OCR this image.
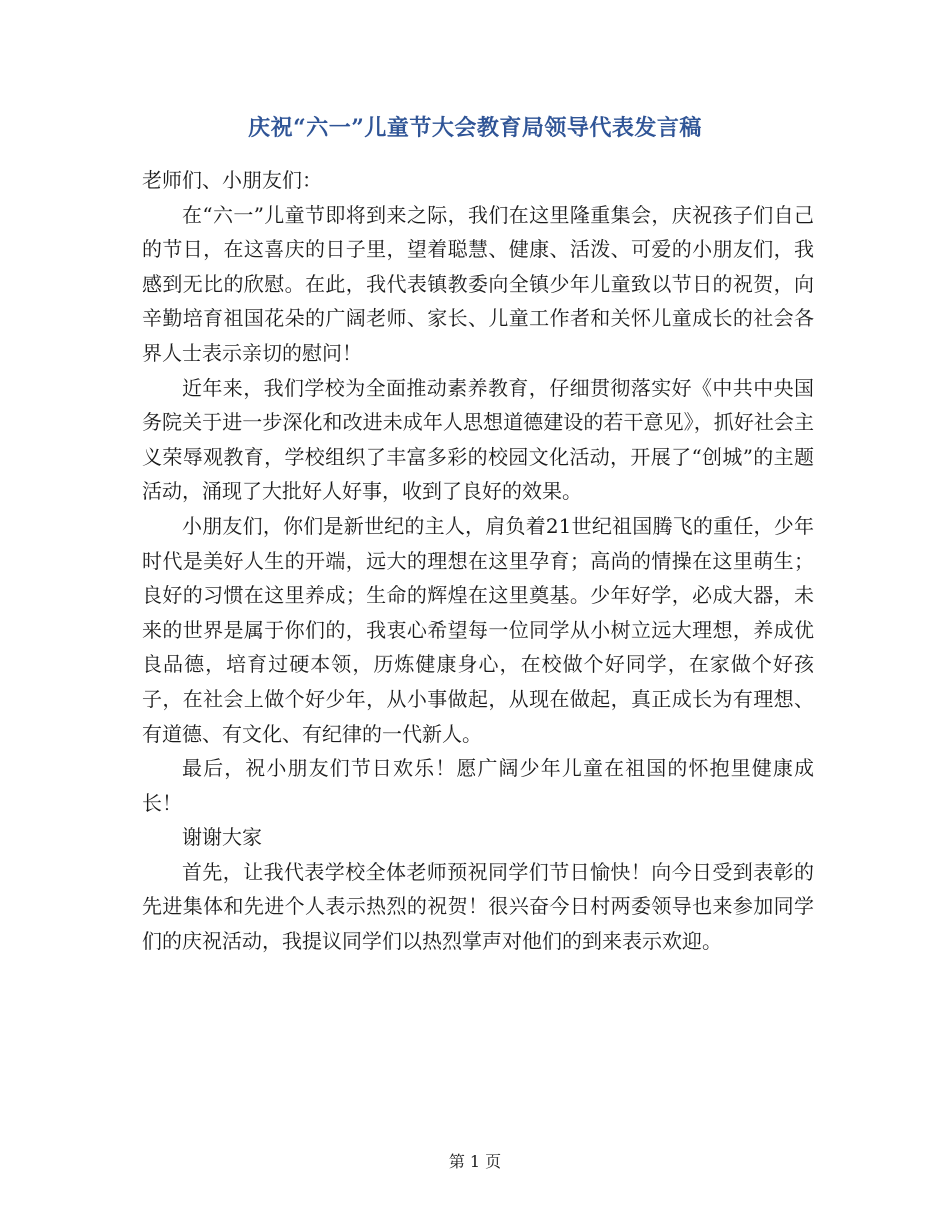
庆祝“六一”儿童节大会教育局领导代表发言稿

老师们、小朋友们：

在“六一”儿童节即将到来之际，我们在这里隆重集会，庆祝孩子们自己的节日，在这喜庆的日子里，望着聪慧、健康、活泼、可爱的小朋友们，我感到无比的欣慰。在此，我代表镇教委向全镇少年儿童致以节日的祝贺，向辛勤培育祖国花朵的广阔老师、家长、儿童工作者和关怀儿童成长的社会各界人士表示亲切的慰问！

近年来，我们学校为全面推动素养教育，仔细贯彻落实好《中共中央国务院关于进一步深化和改进未成年人思想道德建设的若干意见》，抓好社会主义荣辱观教育，学校组织了丰富多彩的校园文化活动，开展了“创城”的主题活动，涌现了大批好人好事，收到了良好的效果。

小朋友们，你们是新世纪的主人，肩负着21世纪祖国腾飞的重任，少年时代是美好人生的开端，远大的理想在这里孕育；高尚的情操在这里萌生；良好的习惯在这里养成；生命的辉煌在这里奠基。少年好学，必成大器，未来的世界是属于你们的，我衷心希望每一位同学从小树立远大理想，养成优良品德，培育过硬本领，历炼健康身心，在校做个好同学，在家做个好孩子，在社会上做个好少年，从小事做起，从现在做起，真正成长为有理想、有道德、有文化、有纪律的一代新人。

最后，祝小朋友们节日欢乐！愿广阔少年儿童在祖国的怀抱里健康成长！

谢谢大家

首先，让我代表学校全体老师预祝同学们节日愉快！向今日受到表彰的先进集体和先进个人表示热烈的祝贺！很兴奋今日村两委领导也来参加同学们的庆祝活动，我提议同学们以热烈掌声对他们的到来表示欢迎。

第 1 页
